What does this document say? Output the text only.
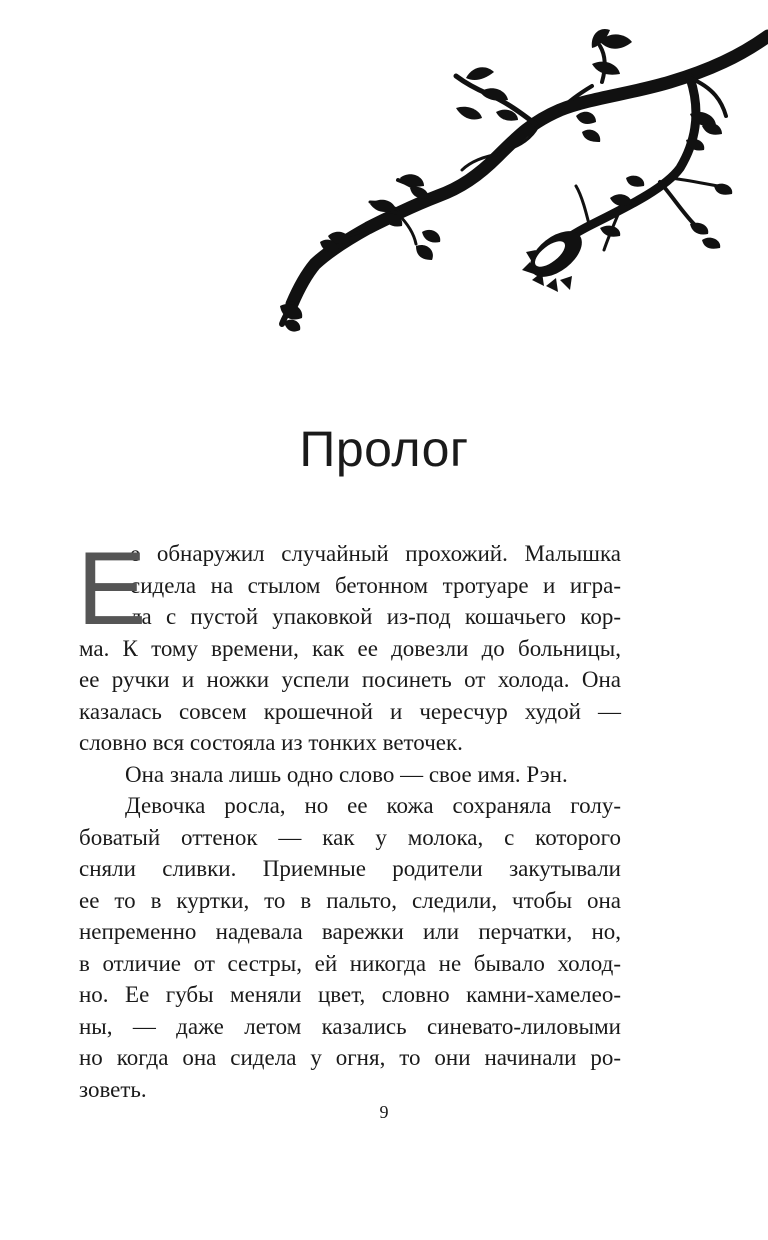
Пролог
Е
е обнаружил случайный прохожий. Малышка
сидела на стылом бетонном тротуаре и игра-
ла с пустой упаковкой из-под кошачьего кор-
ма. К тому времени, как ее довезли до больницы,
ее ручки и ножки успели посинеть от холода. Она
казалась совсем крошечной и чересчур худой —
словно вся состояла из тонких веточек.
Она знала лишь одно слово — свое имя. Рэн.
Девочка росла, но ее кожа сохраняла голу-
боватый оттенок — как у молока, с которого
сняли сливки. Приемные родители закутывали
ее то в куртки, то в пальто, следили, чтобы она
непременно надевала варежки или перчатки, но,
в отличие от сестры, ей никогда не бывало холод-
но. Ее губы меняли цвет, словно камни-хамелео-
ны, — даже летом казались синевато-лиловыми
но когда она сидела у огня, то они начинали ро-
зоветь.
9
